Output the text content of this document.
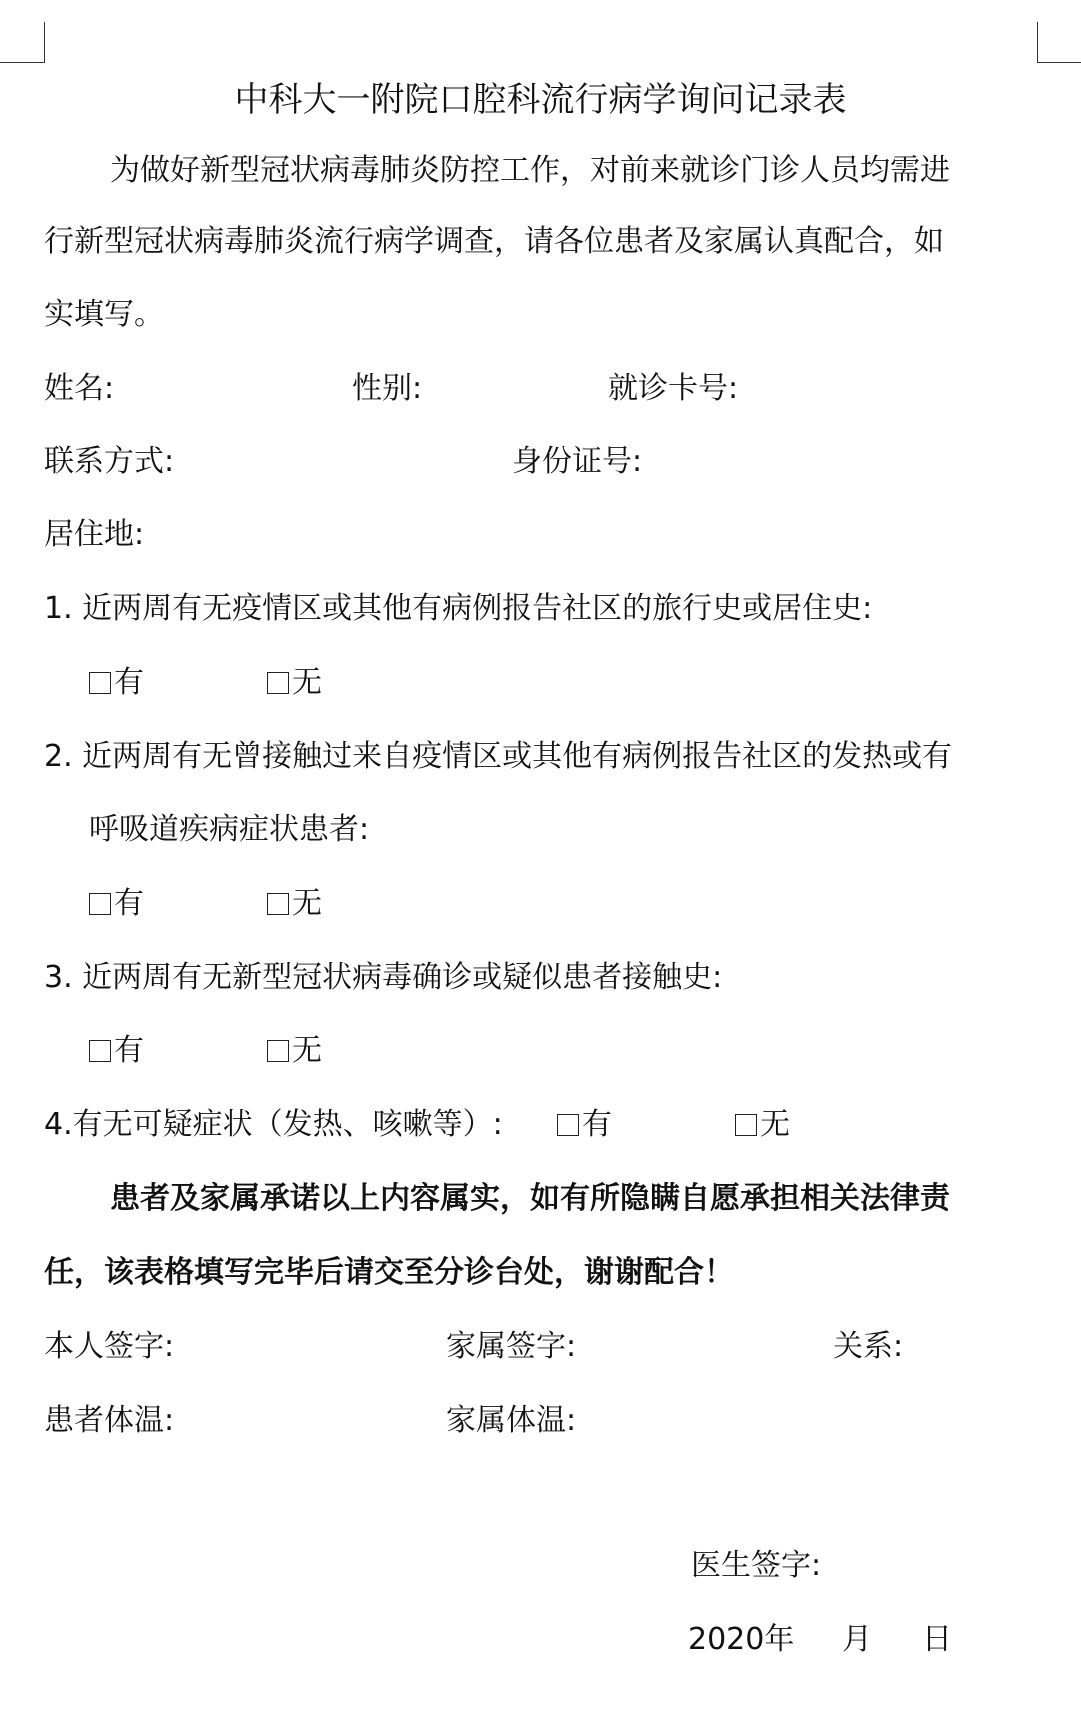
中科大一附院口腔科流行病学询问记录表
为做好新型冠状病毒肺炎防控工作，对前来就诊门诊人员均需进
行新型冠状病毒肺炎流行病学调查，请各位患者及家属认真配合，如
实填写。
姓名:	性别:	就诊卡号:
联系方式:	身份证号:
居住地:
1. 近两周有无疫情区或其他有病例报告社区的旅行史或居住史:
有	无
2. 近两周有无曾接触过来自疫情区或其他有病例报告社区的发热或有
呼吸道疾病症状患者:
有	无
3. 近两周有无新型冠状病毒确诊或疑似患者接触史:
有	无
4.有无可疑症状（发热、咳嗽等）:	有	无
患者及家属承诺以上内容属实，如有所隐瞒自愿承担相关法律责
任，该表格填写完毕后请交至分诊台处，谢谢配合！
本人签字:	家属签字:	关系:
患者体温:	家属体温:
医生签字:
2020年 月 日
